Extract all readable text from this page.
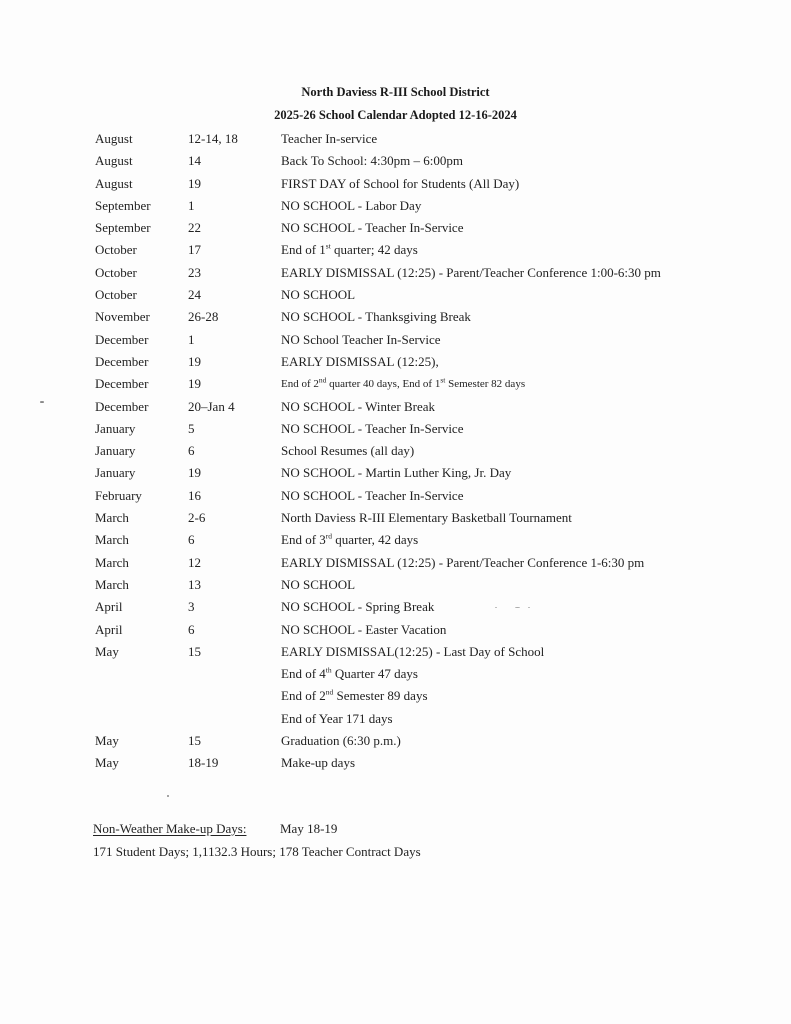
North Daviess R-III School District
2025-26 School Calendar Adopted 12-16-2024
August	12-14, 18	Teacher In-service
August	14	Back To School: 4:30pm – 6:00pm
August	19	FIRST DAY of School for Students (All Day)
September	1	NO SCHOOL - Labor Day
September	22	NO SCHOOL - Teacher In-Service
October	17	End of 1st quarter; 42 days
October	23	EARLY DISMISSAL (12:25) - Parent/Teacher Conference 1:00-6:30 pm
October	24	NO SCHOOL
November	26-28	NO SCHOOL - Thanksgiving Break
December	1	NO School Teacher In-Service
December	19	EARLY DISMISSAL (12:25),
December	19	End of 2nd quarter 40 days, End of 1st Semester 82 days
December	20–Jan 4	NO SCHOOL - Winter Break
January	5	NO SCHOOL - Teacher In-Service
January	6	School Resumes (all day)
January	19	NO SCHOOL - Martin Luther King, Jr. Day
February	16	NO SCHOOL - Teacher In-Service
March	2-6	North Daviess R-III Elementary Basketball Tournament
March	6	End of 3rd quarter, 42 days
March	12	EARLY DISMISSAL (12:25) - Parent/Teacher Conference 1-6:30 pm
March	13	NO SCHOOL
April	3	NO SCHOOL - Spring Break
April	6	NO SCHOOL - Easter Vacation
May	15	EARLY DISMISSAL(12:25) - Last Day of School
End of 4th Quarter 47 days
End of 2nd Semester 89 days
End of Year 171 days
May	15	Graduation (6:30 p.m.)
May	18-19	Make-up days
Non-Weather Make-up Days:	May 18-19
171 Student Days; 1,1132.3 Hours; 178 Teacher Contract Days
